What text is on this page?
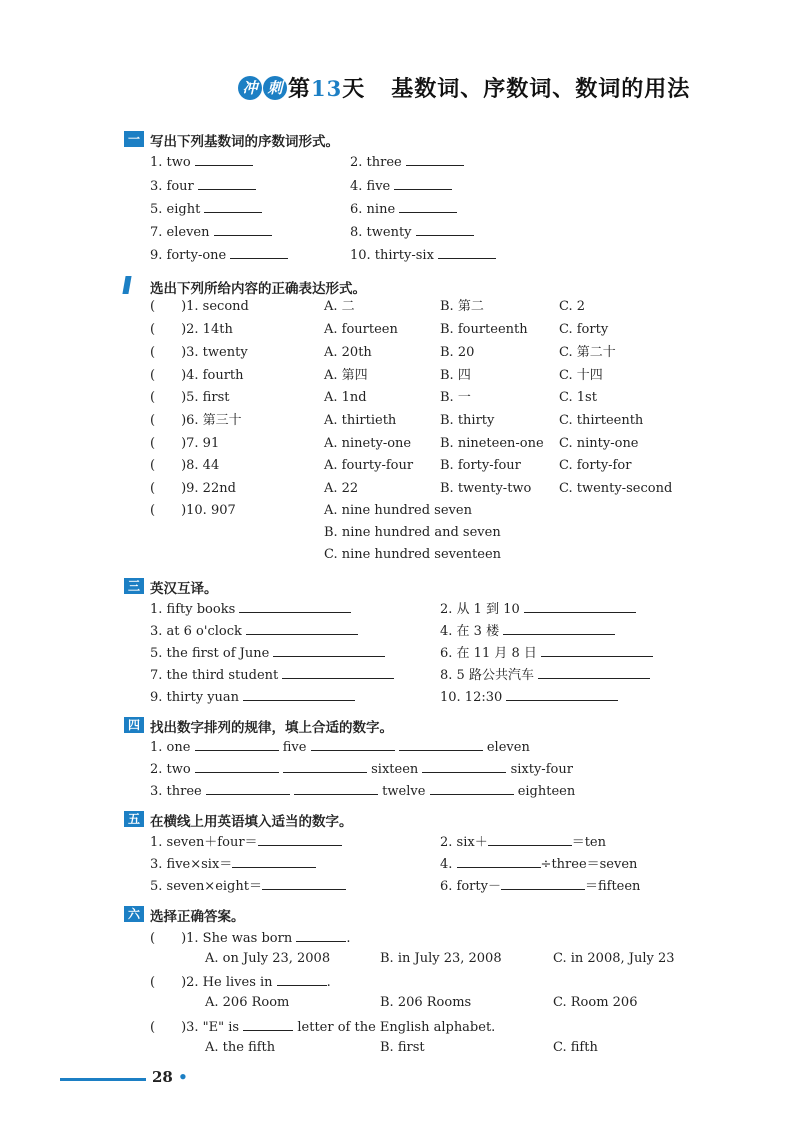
冲 刺 第13天 基数词、序数词、数词的用法
一 写出下列基数词的序数词形式。
1. two	2. three
3. four	4. five
5. eight	6. nine
7. eleven	8. twenty
9. forty-one	10. thirty-six
选出下列所给内容的正确表达形式。
(　　)1. second	A. 二	B. 第二	C. 2
(　　)2. 14th	A. fourteen	B. fourteenth C. forty
(　　)3. twenty	A. 20th	B. 20	C. 第二十
(　　)4. fourth	A. 第四	B. 四	C. 十四
(　　)5. first	A. 1nd	B. 一	C. 1st
(　　)6. 第三十	A. thirtieth	B. thirty	C. thirteenth
(　　)7. 91	A. ninety-one B. nineteen-one C. ninty-one
(　　)8. 44	A. fourty-four B. forty-four	C. forty-for
(　　)9. 22nd	A. 22	B. twenty-two C. twenty-second
(　　)10. 907	A. nine hundred seven
B. nine hundred and seven
C. nine hundred seventeen
三 英汉互译。
1. fifty books	2. 从 1 到 10
3. at 6 o'clock	4. 在 3 楼
5. the first of June	6. 在 11 月 8 日
7. the third student	8. 5 路公共汽车
9. thirty yuan	10. 12:30
四 找出数字排列的规律，填上合适的数字。
1. one	five	eleven
2. two	sixteen	sixty-four
3. three	twelve	eighteen
五 在横线上用英语填入适当的数字。
1. seven＋four＝	2. six＋	＝ten
3. five×six＝	4.	÷three＝seven
5. seven×eight＝	6. forty－	＝fifteen
六 选择正确答案。
(　　)1. She was born	.
A. on July 23, 2008	B. in July 23, 2008	C. in 2008, July 23
(　　)2. He lives in	.
A. 206 Room	B. 206 Rooms	C. Room 206
(　　)3. "E" is	letter of the English alphabet.
A. the fifth	B. first	C. fifth
28 •
